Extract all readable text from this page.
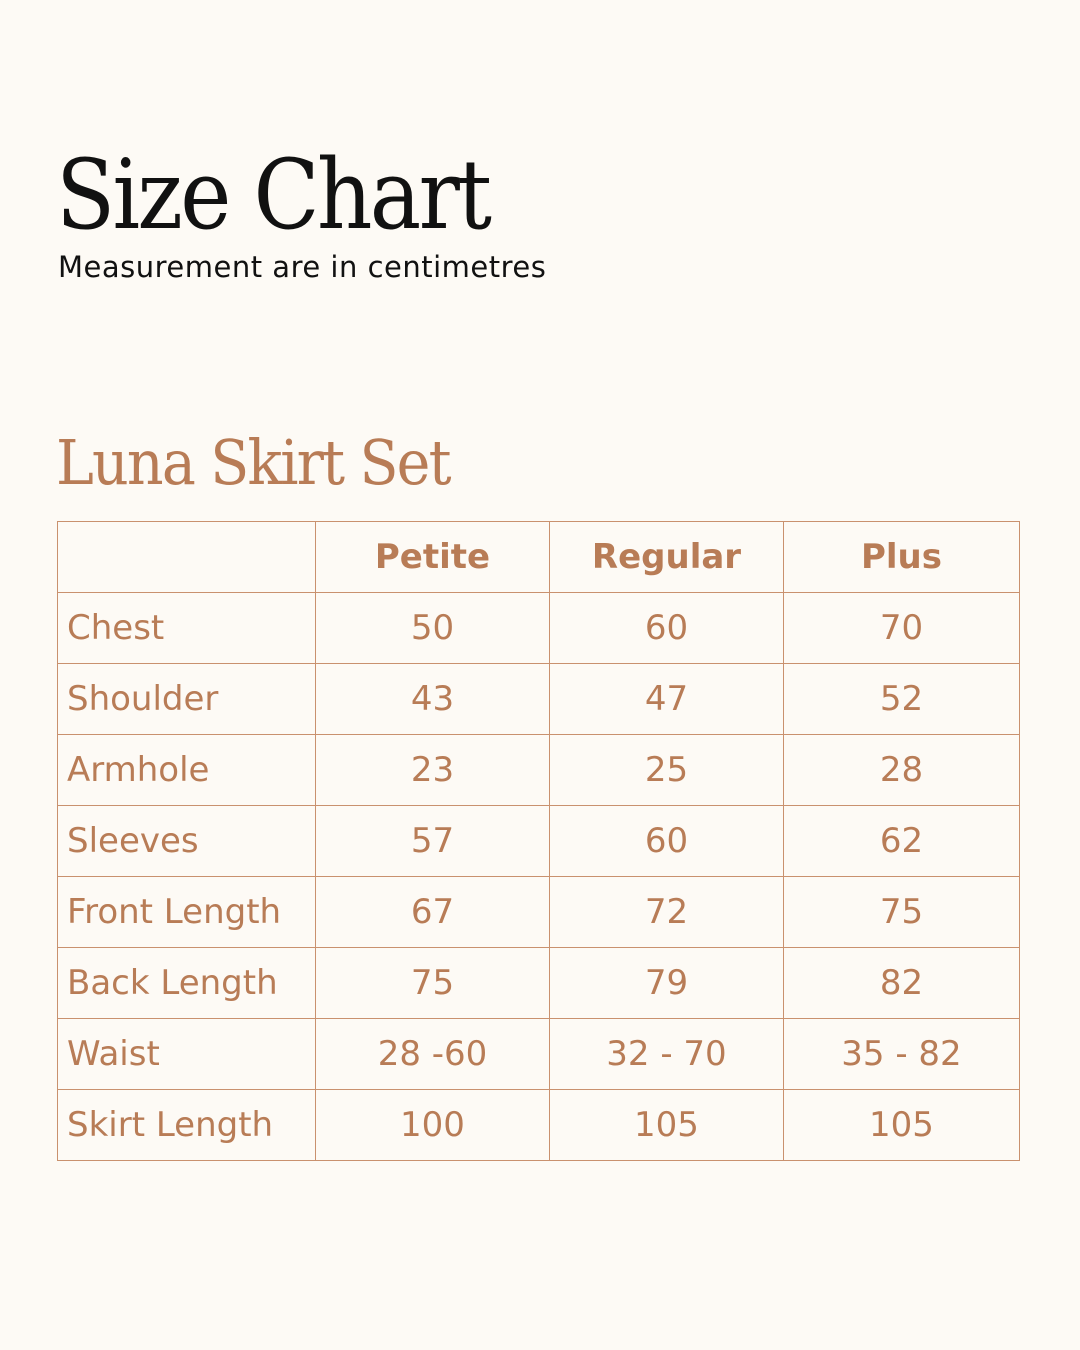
Size Chart

Measurement are in centimetres

Luna Skirt Set
	Petite	Regular	Plus
Chest	50	60	70
Shoulder	43	47	52
Armhole	23	25	28
Sleeves	57	60	62
Front Length	67	72	75
Back Length	75	79	82
Waist	28 -60	32 - 70	35 - 82
Skirt Length	100	105	105
